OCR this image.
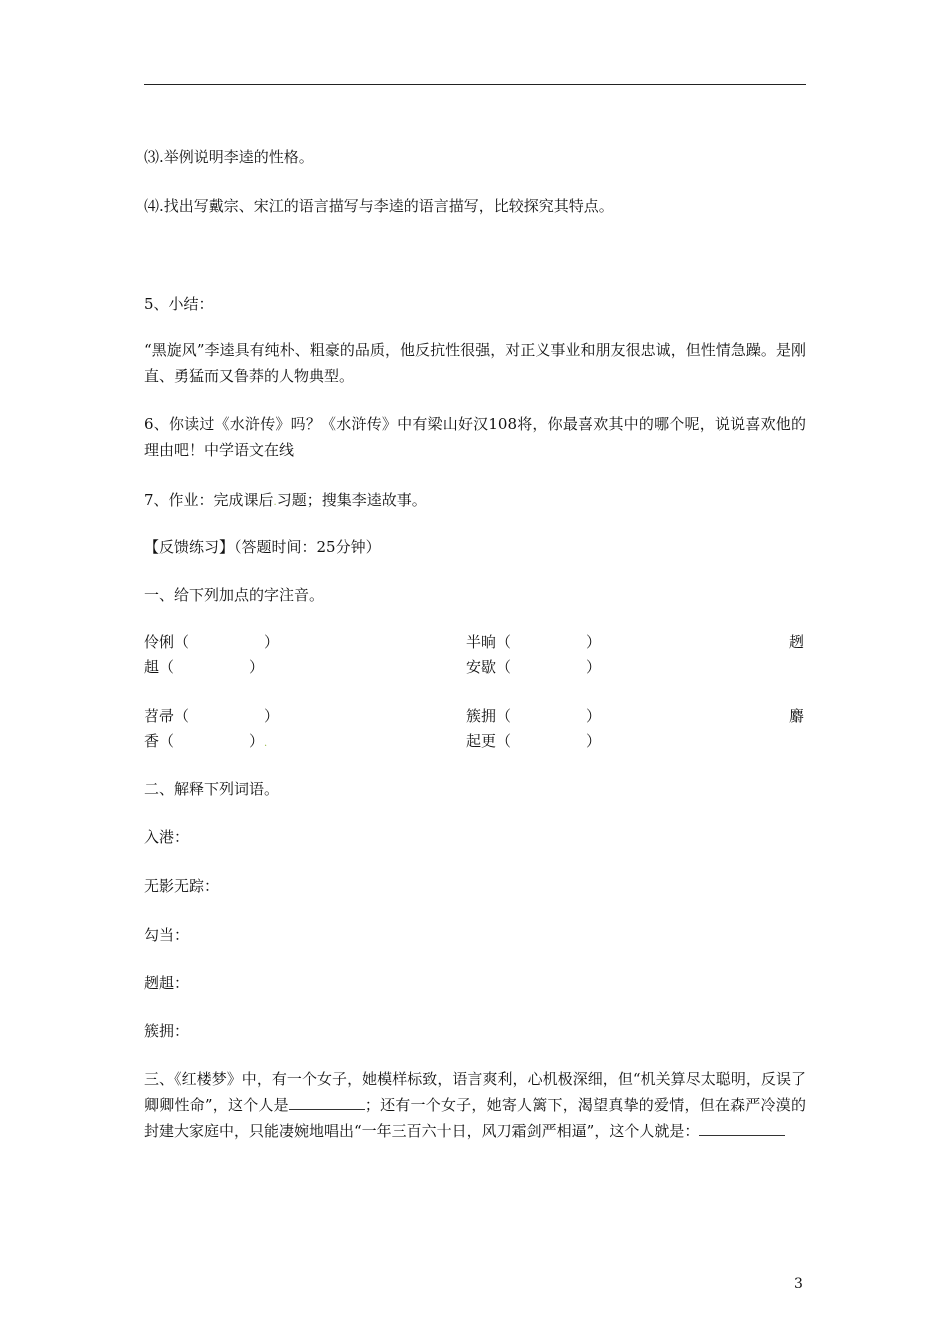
⑶.举例说明李逵的性格。
⑷.找出写戴宗、宋江的语言描写与李逵的语言描写，比较探究其特点。
5、小结：
“黑旋风”李逵具有纯朴、粗豪的品质，他反抗性很强，对正义事业和朋友很忠诚，但性情急躁。是刚直、勇猛而又鲁莽的人物典型。
6、你读过《水浒传》吗？《水浒传》中有梁山好汉108将，你最喜欢其中的哪个呢，说说喜欢他的理由吧！中学语文在线
7、作业：完成课后.习题；搜集李逵故事。
【反馈练习】（答题时间：25分钟）
一、给下列加点的字注音。
伶俐（　　　　　）	半晌（　　　　　）	趔
趄（　　　　　）	安歇（　　　　　）
苕帚（　　　　　）	簇拥（　　　　　）	麝
香（　　　　　）.	起更（　　　　　）
二、解释下列词语。
入港：
无影无踪：
勾当：
趔趄：
簇拥：
三、《红楼梦》中，有一个女子，她模样标致，语言爽利，心机极深细，但“机关算尽太聪明，反误了卿卿性命”，这个人是	；还有一个女子，她寄人篱下，渴望真挚的爱情，但在森严冷漠的封建大家庭中，只能凄婉地唱出“一年三百六十日，风刀霜剑严相逼”，这个人就是：
3
